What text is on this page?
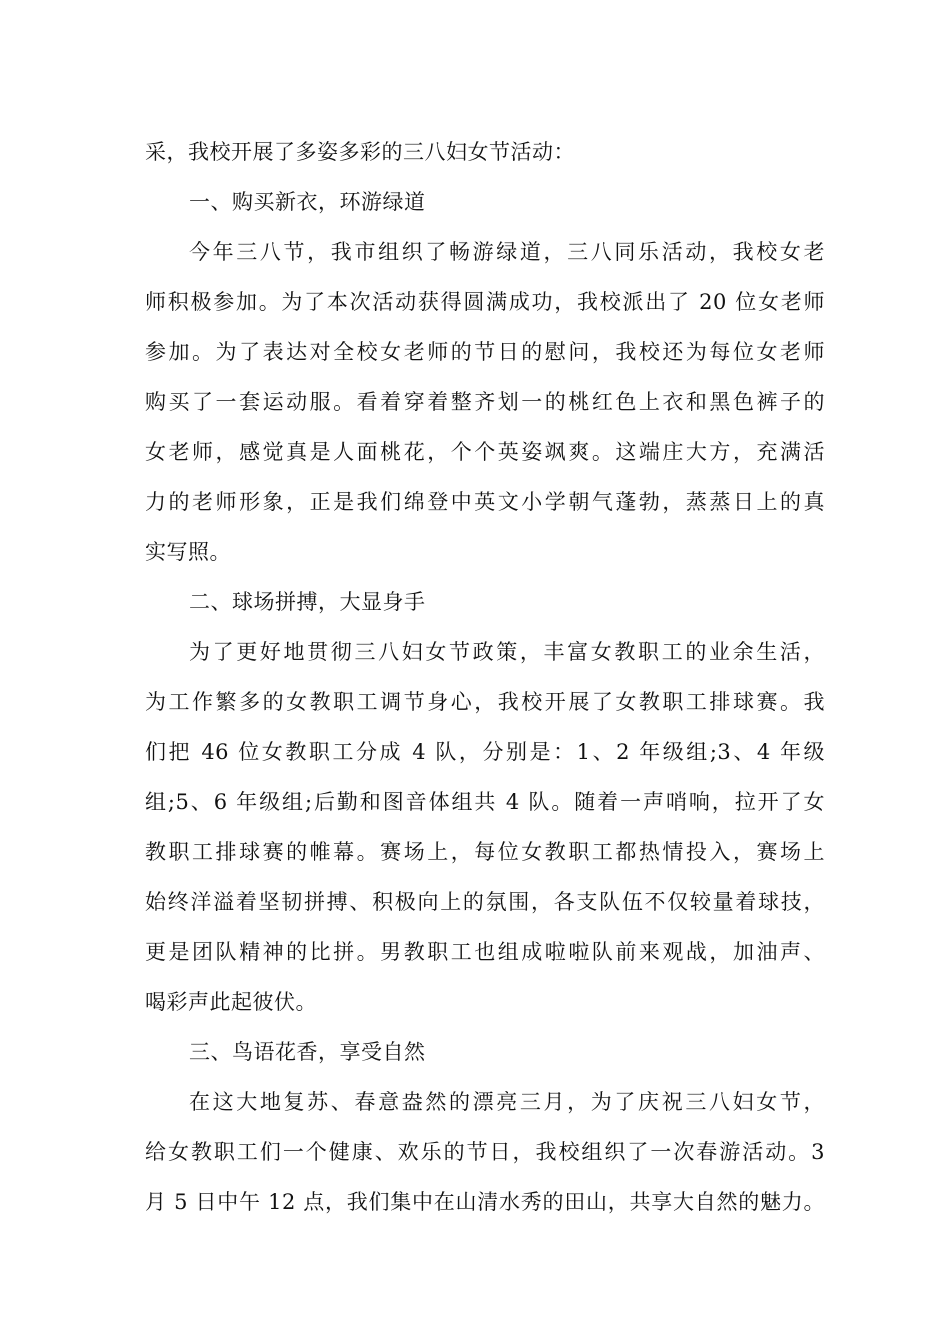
采，我校开展了多姿多彩的三八妇女节活动：
一、购买新衣，环游绿道
今年三八节，我市组织了畅游绿道，三八同乐活动，我校女老
师积极参加。为了本次活动获得圆满成功，我校派出了 20 位女老师
参加。为了表达对全校女老师的节日的慰问，我校还为每位女老师
购买了一套运动服。看着穿着整齐划一的桃红色上衣和黑色裤子的
女老师，感觉真是人面桃花，个个英姿飒爽。这端庄大方，充满活
力的老师形象，正是我们绵登中英文小学朝气蓬勃，蒸蒸日上的真
实写照。
二、球场拼搏，大显身手
为了更好地贯彻三八妇女节政策，丰富女教职工的业余生活，
为工作繁多的女教职工调节身心，我校开展了女教职工排球赛。我
们把 46 位女教职工分成 4 队，分别是：1、2 年级组;3、4 年级
组;5、6 年级组;后勤和图音体组共 4 队。随着一声哨响，拉开了女
教职工排球赛的帷幕。赛场上，每位女教职工都热情投入，赛场上
始终洋溢着坚韧拼搏、积极向上的氛围，各支队伍不仅较量着球技，
更是团队精神的比拼。男教职工也组成啦啦队前来观战，加油声、
喝彩声此起彼伏。
三、鸟语花香，享受自然
在这大地复苏、春意盎然的漂亮三月，为了庆祝三八妇女节，
给女教职工们一个健康、欢乐的节日，我校组织了一次春游活动。3
月 5 日中午 12 点，我们集中在山清水秀的田山，共享大自然的魅力。
